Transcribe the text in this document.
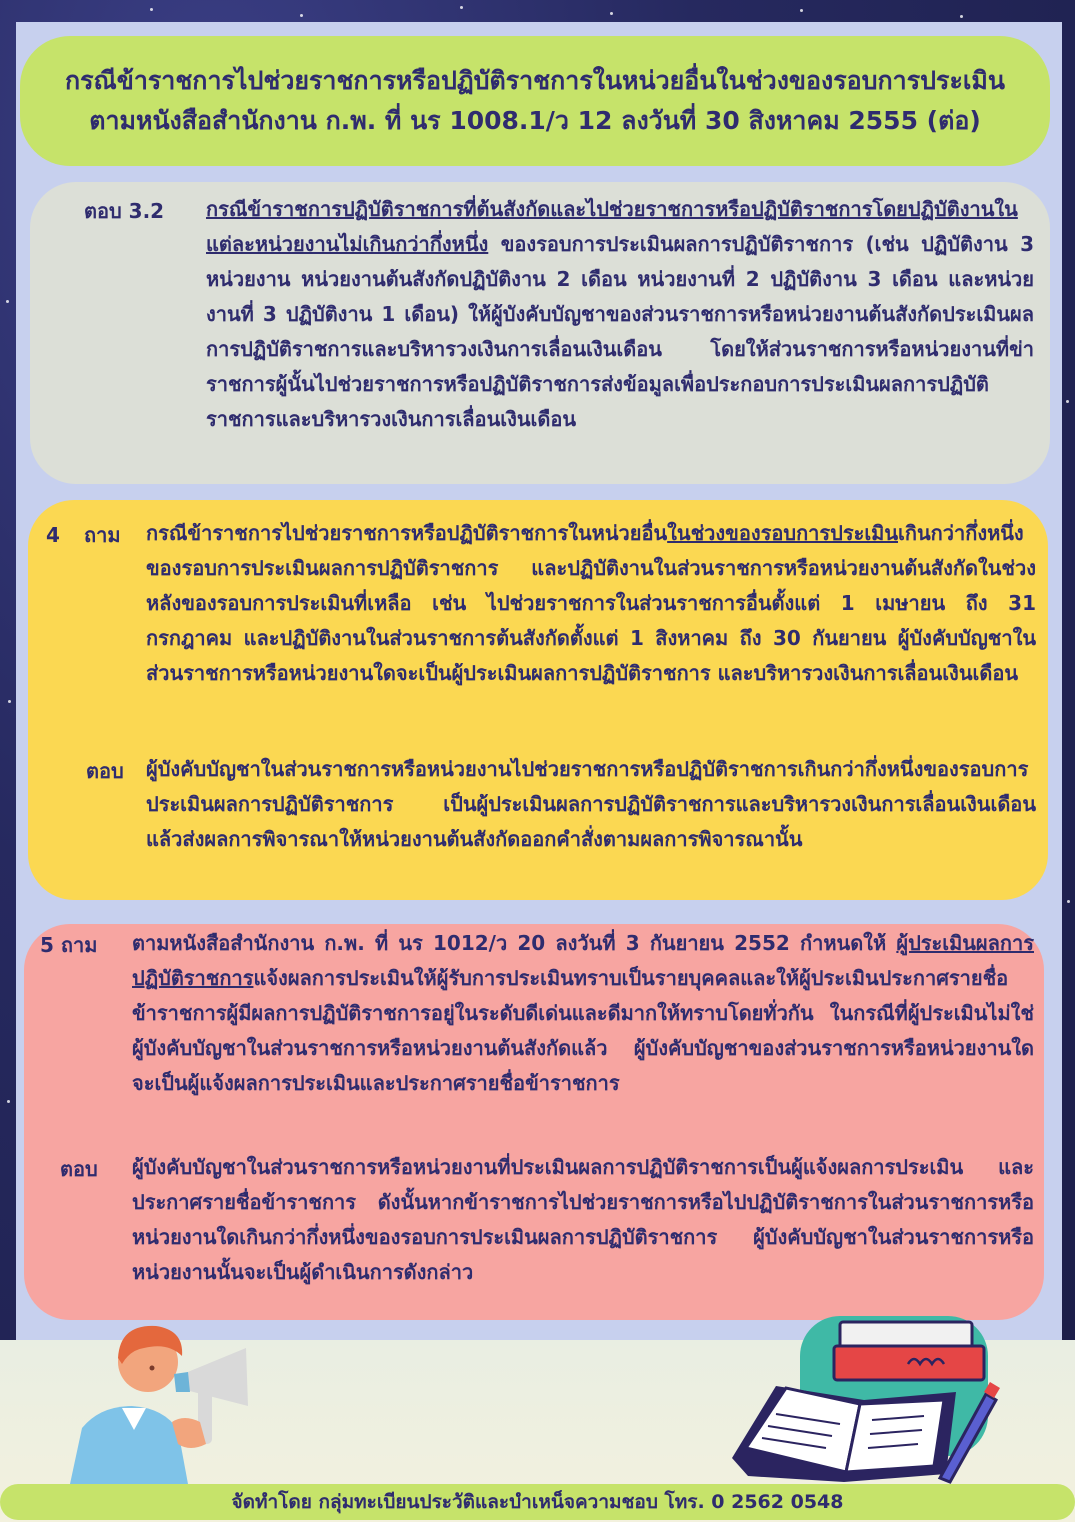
กรณีข้าราชการไปช่วยราชการหรือปฏิบัติราชการในหน่วยอื่นในช่วงของรอบการประเมิน
ตามหนังสือสำนักงาน ก.พ. ที่ นร 1008.1/ว 12 ลงวันที่ 30 สิงหาคม 2555 (ต่อ)
ตอบ 3.2 กรณีข้าราชการปฏิบัติราชการที่ต้นสังกัดและไปช่วยราชการหรือปฏิบัติราชการโดยปฏิบัติงานในแต่ละหน่วยงานไม่เกินกว่ากึ่งหนึ่ง ของรอบการประเมินผลการปฏิบัติราชการ (เช่น ปฏิบัติงาน 3 หน่วยงาน หน่วยงานต้นสังกัดปฏิบัติงาน 2 เดือน หน่วยงานที่ 2 ปฏิบัติงาน 3 เดือน และหน่วยงานที่ 3 ปฏิบัติงาน 1 เดือน) ให้ผู้บังคับบัญชาของส่วนราชการหรือหน่วยงานต้นสังกัดประเมินผลการปฏิบัติราชการและบริหารวงเงินการเลื่อนเงินเดือน โดยให้ส่วนราชการหรือหน่วยงานที่ข่าราชการผู้นั้นไปช่วยราชการหรือปฏิบัติราชการส่งข้อมูลเพื่อประกอบการประเมินผลการปฏิบัติราชการและบริหารวงเงินการเลื่อนเงินเดือน

4 ถาม กรณีข้าราชการไปช่วยราชการหรือปฏิบัติราชการในหน่วยอื่นในช่วงของรอบการประเมินเกินกว่ากึ่งหนึ่งของรอบการประเมินผลการปฏิบัติราชการ และปฏิบัติงานในส่วนราชการหรือหน่วยงานต้นสังกัดในช่วงหลังของรอบการประเมินที่เหลือ เช่น ไปช่วยราชการในส่วนราชการอื่นตั้งแต่ 1 เมษายน ถึง 31 กรกฎาคม และปฏิบัติงานในส่วนราชการต้นสังกัดตั้งแต่ 1 สิงหาคม ถึง 30 กันยายน ผู้บังคับบัญชาในส่วนราชการหรือหน่วยงานใดจะเป็นผู้ประเมินผลการปฏิบัติราชการ และบริหารวงเงินการเลื่อนเงินเดือน

ตอบ ผู้บังคับบัญชาในส่วนราชการหรือหน่วยงานไปช่วยราชการหรือปฏิบัติราชการเกินกว่ากึ่งหนึ่งของรอบการประเมินผลการปฏิบัติราชการ เป็นผู้ประเมินผลการปฏิบัติราชการและบริหารวงเงินการเลื่อนเงินเดือน แล้วส่งผลการพิจารณาให้หน่วยงานต้นสังกัดออกคำสั่งตามผลการพิจารณานั้น

5 ถาม ตามหนังสือสำนักงาน ก.พ. ที่ นร 1012/ว 20 ลงวันที่ 3 กันยายน 2552 กำหนดให้ ผู้ประเมินผลการปฏิบัติราชการแจ้งผลการประเมินให้ผู้รับการประเมินทราบเป็นรายบุคคลและให้ผู้ประเมินประกาศรายชื่อข้าราชการผู้มีผลการปฏิบัติราชการอยู่ในระดับดีเด่นและดีมากให้ทราบโดยทั่วกัน ในกรณีที่ผู้ประเมินไม่ใช่ผู้บังคับบัญชาในส่วนราชการหรือหน่วยงานต้นสังกัดแล้ว ผู้บังคับบัญชาของส่วนราชการหรือหน่วยงานใดจะเป็นผู้แจ้งผลการประเมินและประกาศรายชื่อข้าราชการ

ตอบ ผู้บังคับบัญชาในส่วนราชการหรือหน่วยงานที่ประเมินผลการปฏิบัติราชการเป็นผู้แจ้งผลการประเมิน และประกาศรายชื่อข้าราชการ ดังนั้นหากข้าราชการไปช่วยราชการหรือไปปฏิบัติราชการในส่วนราชการหรือหน่วยงานใดเกินกว่ากึ่งหนึ่งของรอบการประเมินผลการปฏิบัติราชการ ผู้บังคับบัญชาในส่วนราชการหรือหน่วยงานนั้นจะเป็นผู้ดำเนินการดังกล่าว

จัดทำโดย กลุ่มทะเบียนประวัติและบำเหน็จความชอบ โทร. 0 2562 0548
